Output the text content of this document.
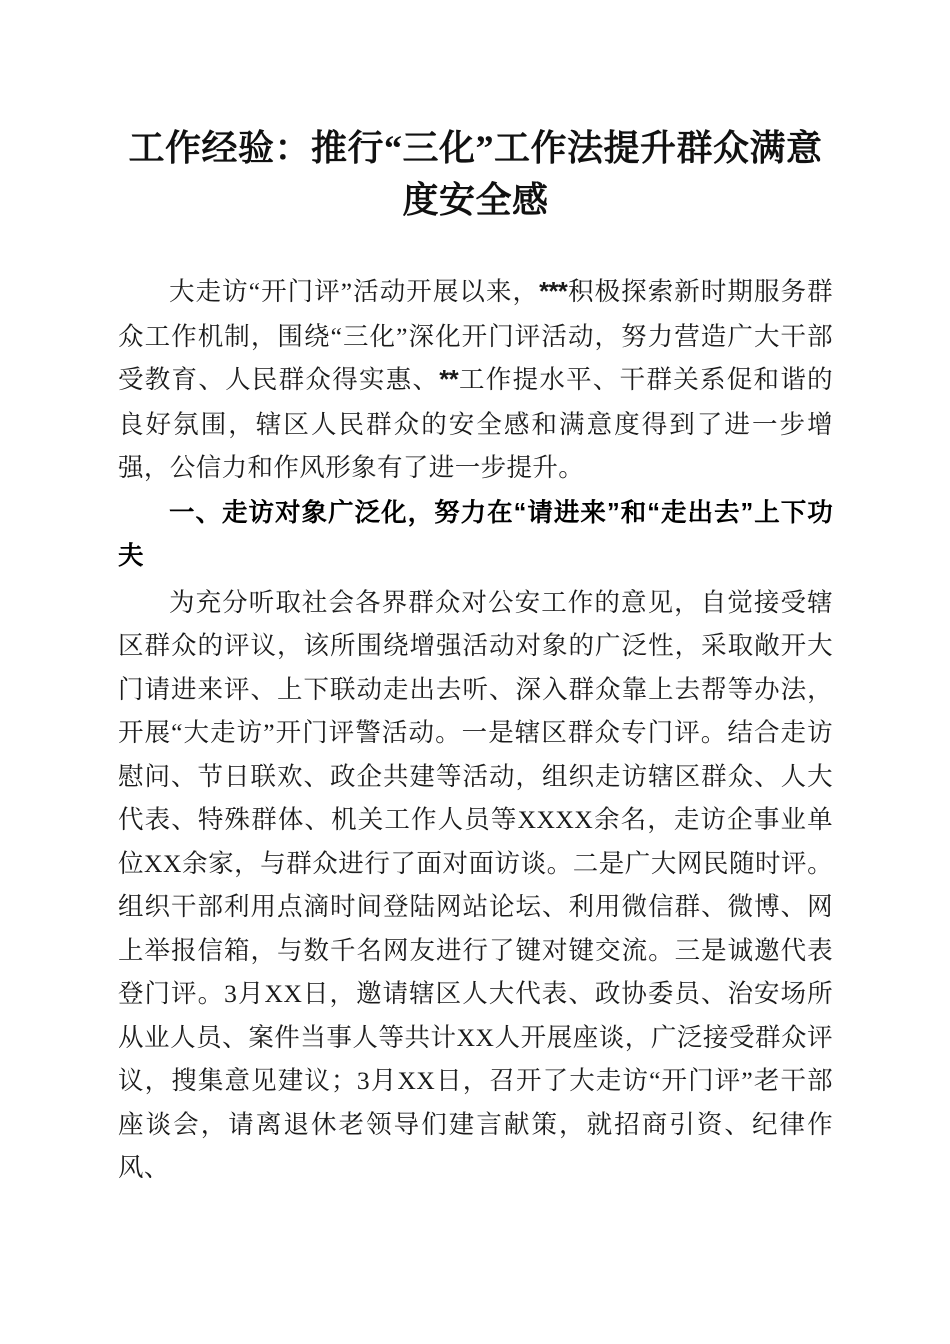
工作经验：推行“三化”工作法提升群众满意
度安全感

大走访“开门评”活动开展以来，***积极探索新时期服务群众工作机制，围绕“三化”深化开门评活动，努力营造广大干部受教育、人民群众得实惠、**工作提水平、干群关系促和谐的良好氛围，辖区人民群众的安全感和满意度得到了进一步增强，公信力和作风形象有了进一步提升。

一、走访对象广泛化，努力在“请进来”和“走出去”上下功夫

为充分听取社会各界群众对公安工作的意见，自觉接受辖区群众的评议，该所围绕增强活动对象的广泛性，采取敞开大门请进来评、上下联动走出去听、深入群众靠上去帮等办法，开展“大走访”开门评警活动。一是辖区群众专门评。结合走访慰问、节日联欢、政企共建等活动，组织走访辖区群众、人大代表、特殊群体、机关工作人员等XXXX余名，走访企事业单位XX余家，与群众进行了面对面访谈。二是广大网民随时评。组织干部利用点滴时间登陆网站论坛、利用微信群、微博、网上举报信箱，与数千名网友进行了键对键交流。三是诚邀代表登门评。3月XX日，邀请辖区人大代表、政协委员、治安场所从业人员、案件当事人等共计XX人开展座谈，广泛接受群众评议，搜集意见建议；3月XX日，召开了大走访“开门评”老干部座谈会，请离退休老领导们建言献策，就招商引资、纪律作风、
